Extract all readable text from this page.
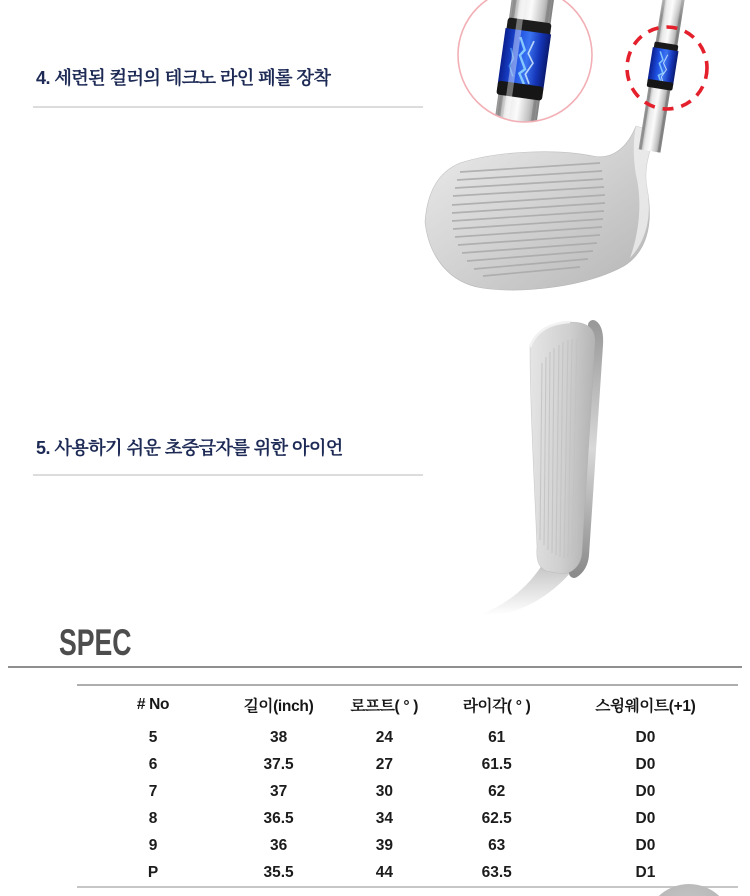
4. 세련된 컬러의 테크노 라인 페롤 장착
5. 사용하기 쉬운 초중급자를 위한 아이언
SPEC
# No	길이(inch)	로프트( ° )	라이각( ° )	스윙웨이트(+1)
5	38	24	61	D0
6	37.5	27	61.5	D0
7	37	30	62	D0
8	36.5	34	62.5	D0
9	36	39	63	D0
P	35.5	44	63.5	D1
